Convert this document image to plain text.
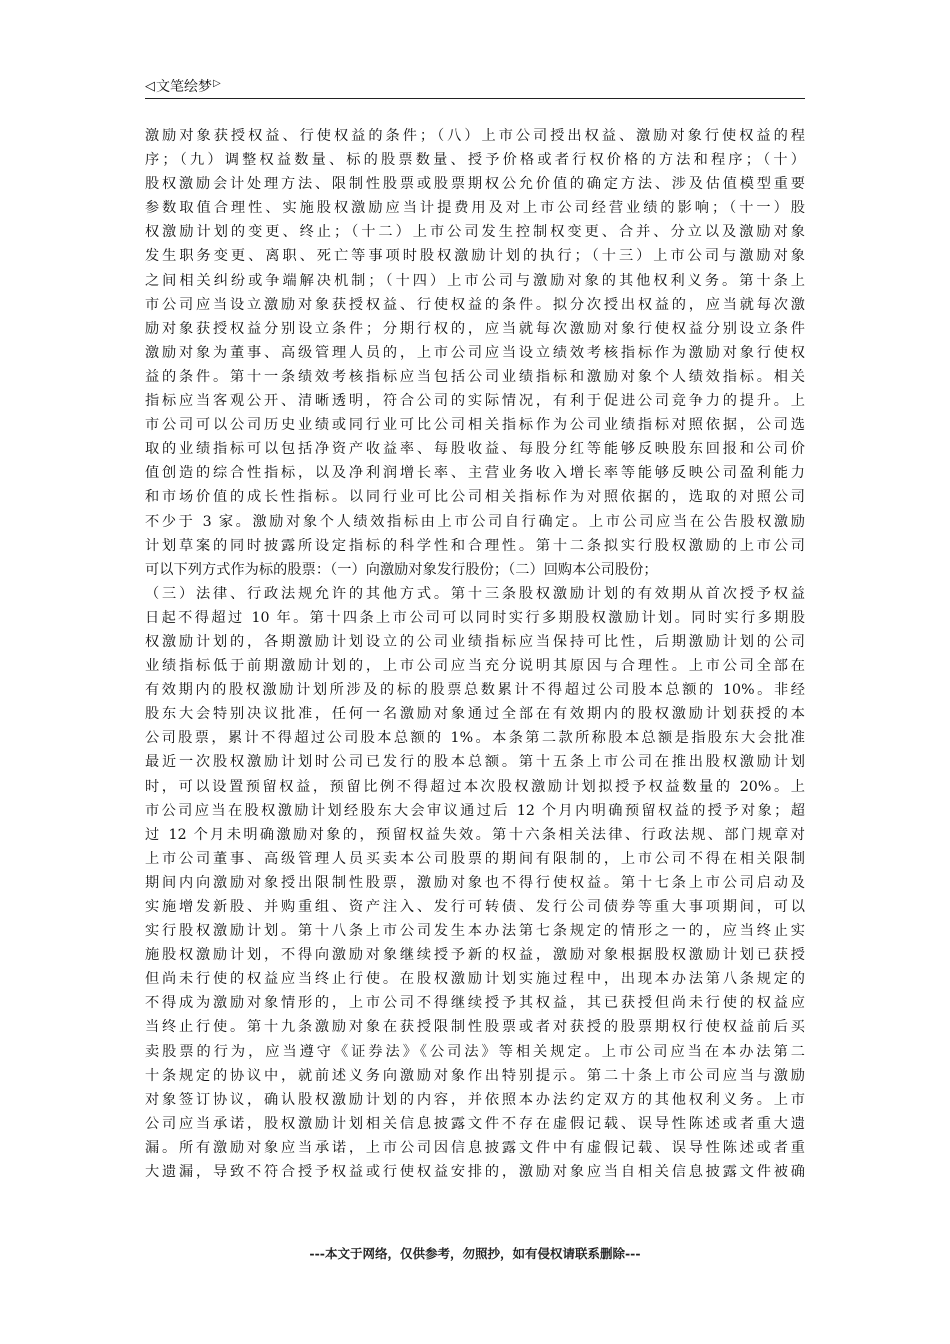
◁ 文笔绘梦 ▷
激励对象获授权益、行使权益的条件；（八）上市公司授出权益、激励对象行使权益的程
序；（九）调整权益数量、标的股票数量、授予价格或者行权价格的方法和程序；（十）
股权激励会计处理方法、限制性股票或股票期权公允价值的确定方法、涉及估值模型重要
参数取值合理性、实施股权激励应当计提费用及对上市公司经营业绩的影响；（十一）股
权激励计划的变更、终止；（十二）上市公司发生控制权变更、合并、分立以及激励对象
发生职务变更、离职、死亡等事项时股权激励计划的执行；（十三）上市公司与激励对象
之间相关纠纷或争端解决机制；（十四）上市公司与激励对象的其他权利义务。第十条上
市公司应当设立激励对象获授权益、行使权益的条件。拟分次授出权益的，应当就每次激
励对象获授权益分别设立条件；分期行权的，应当就每次激励对象行使权益分别设立条件
激励对象为董事、高级管理人员的，上市公司应当设立绩效考核指标作为激励对象行使权
益的条件。第十一条绩效考核指标应当包括公司业绩指标和激励对象个人绩效指标。相关
指标应当客观公开、清晰透明，符合公司的实际情况，有利于促进公司竞争力的提升。上
市公司可以公司历史业绩或同行业可比公司相关指标作为公司业绩指标对照依据，公司选
取的业绩指标可以包括净资产收益率、每股收益、每股分红等能够反映股东回报和公司价
值创造的综合性指标，以及净利润增长率、主营业务收入增长率等能够反映公司盈利能力
和市场价值的成长性指标。以同行业可比公司相关指标作为对照依据的，选取的对照公司
不少于 3 家。激励对象个人绩效指标由上市公司自行确定。上市公司应当在公告股权激励
计划草案的同时披露所设定指标的科学性和合理性。第十二条拟实行股权激励的上市公司
可以下列方式作为标的股票：（一）向激励对象发行股份；（二）回购本公司股份；
（三）法律、行政法规允许的其他方式。第十三条股权激励计划的有效期从首次授予权益
日起不得超过 10 年。第十四条上市公司可以同时实行多期股权激励计划。同时实行多期股
权激励计划的，各期激励计划设立的公司业绩指标应当保持可比性，后期激励计划的公司
业绩指标低于前期激励计划的，上市公司应当充分说明其原因与合理性。上市公司全部在
有效期内的股权激励计划所涉及的标的股票总数累计不得超过公司股本总额的 10%。非经
股东大会特别决议批准，任何一名激励对象通过全部在有效期内的股权激励计划获授的本
公司股票，累计不得超过公司股本总额的 1%。本条第二款所称股本总额是指股东大会批准
最近一次股权激励计划时公司已发行的股本总额。第十五条上市公司在推出股权激励计划
时，可以设置预留权益，预留比例不得超过本次股权激励计划拟授予权益数量的 20%。上
市公司应当在股权激励计划经股东大会审议通过后 12 个月内明确预留权益的授予对象；超
过 12 个月未明确激励对象的，预留权益失效。第十六条相关法律、行政法规、部门规章对
上市公司董事、高级管理人员买卖本公司股票的期间有限制的，上市公司不得在相关限制
期间内向激励对象授出限制性股票，激励对象也不得行使权益。第十七条上市公司启动及
实施增发新股、并购重组、资产注入、发行可转债、发行公司债券等重大事项期间，可以
实行股权激励计划。第十八条上市公司发生本办法第七条规定的情形之一的，应当终止实
施股权激励计划，不得向激励对象继续授予新的权益，激励对象根据股权激励计划已获授
但尚未行使的权益应当终止行使。在股权激励计划实施过程中，出现本办法第八条规定的
不得成为激励对象情形的，上市公司不得继续授予其权益，其已获授但尚未行使的权益应
当终止行使。第十九条激励对象在获授限制性股票或者对获授的股票期权行使权益前后买
卖股票的行为，应当遵守《证券法》《公司法》等相关规定。上市公司应当在本办法第二
十条规定的协议中，就前述义务向激励对象作出特别提示。第二十条上市公司应当与激励
对象签订协议，确认股权激励计划的内容，并依照本办法约定双方的其他权利义务。上市
公司应当承诺，股权激励计划相关信息披露文件不存在虚假记载、误导性陈述或者重大遗
漏。所有激励对象应当承诺，上市公司因信息披露文件中有虚假记载、误导性陈述或者重
大遗漏，导致不符合授予权益或行使权益安排的，激励对象应当自相关信息披露文件被确
---本文于网络，仅供参考，勿照抄，如有侵权请联系删除---
